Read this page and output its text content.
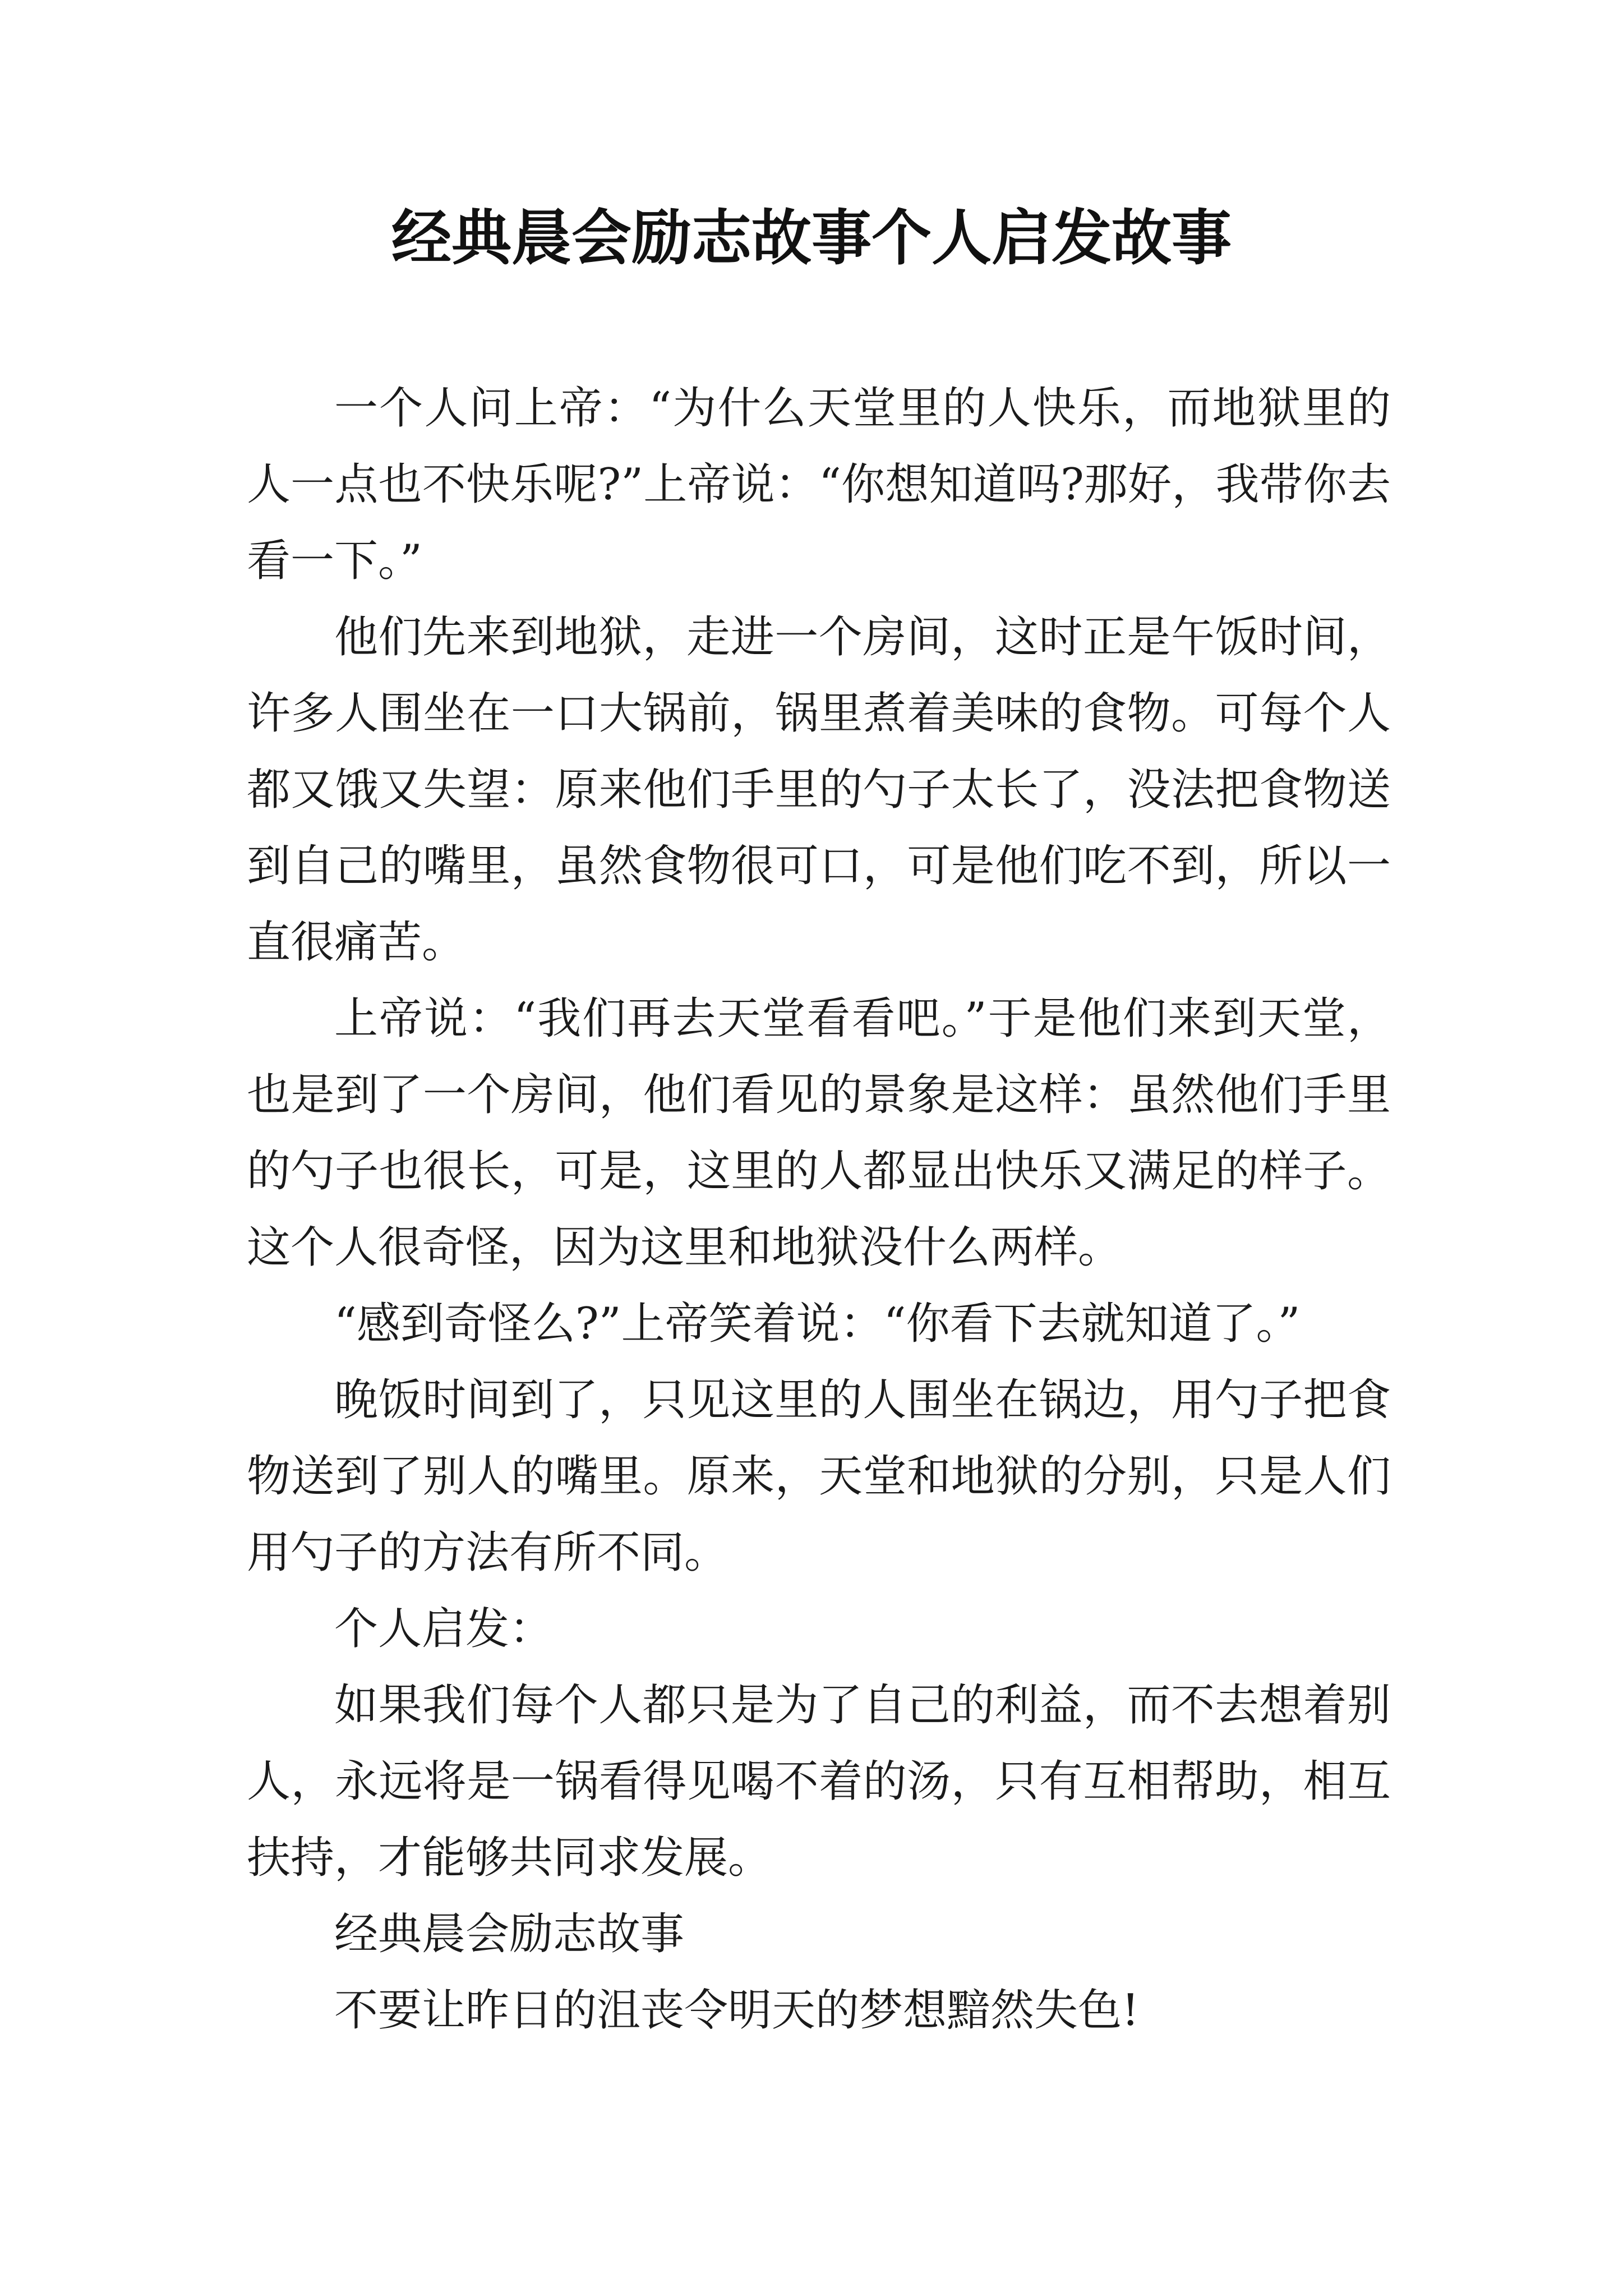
经典晨会励志故事个人启发故事

一个人问上帝：“为什么天堂里的人快乐，而地狱里的人一点也不快乐呢?”上帝说：“你想知道吗?那好，我带你去看一下。”

他们先来到地狱，走进一个房间，这时正是午饭时间，许多人围坐在一口大锅前，锅里煮着美味的食物。可每个人都又饿又失望：原来他们手里的勺子太长了，没法把食物送到自己的嘴里，虽然食物很可口，可是他们吃不到，所以一直很痛苦。

上帝说：“我们再去天堂看看吧。”于是他们来到天堂，也是到了一个房间，他们看见的景象是这样：虽然他们手里的勺子也很长，可是，这里的人都显出快乐又满足的样子。这个人很奇怪，因为这里和地狱没什么两样。

“感到奇怪么?”上帝笑着说：“你看下去就知道了。”

晚饭时间到了，只见这里的人围坐在锅边，用勺子把食物送到了别人的嘴里。原来，天堂和地狱的分别，只是人们用勺子的方法有所不同。

个人启发：

如果我们每个人都只是为了自己的利益，而不去想着别人，永远将是一锅看得见喝不着的汤，只有互相帮助，相互扶持，才能够共同求发展。

经典晨会励志故事

不要让昨日的沮丧令明天的梦想黯然失色!
